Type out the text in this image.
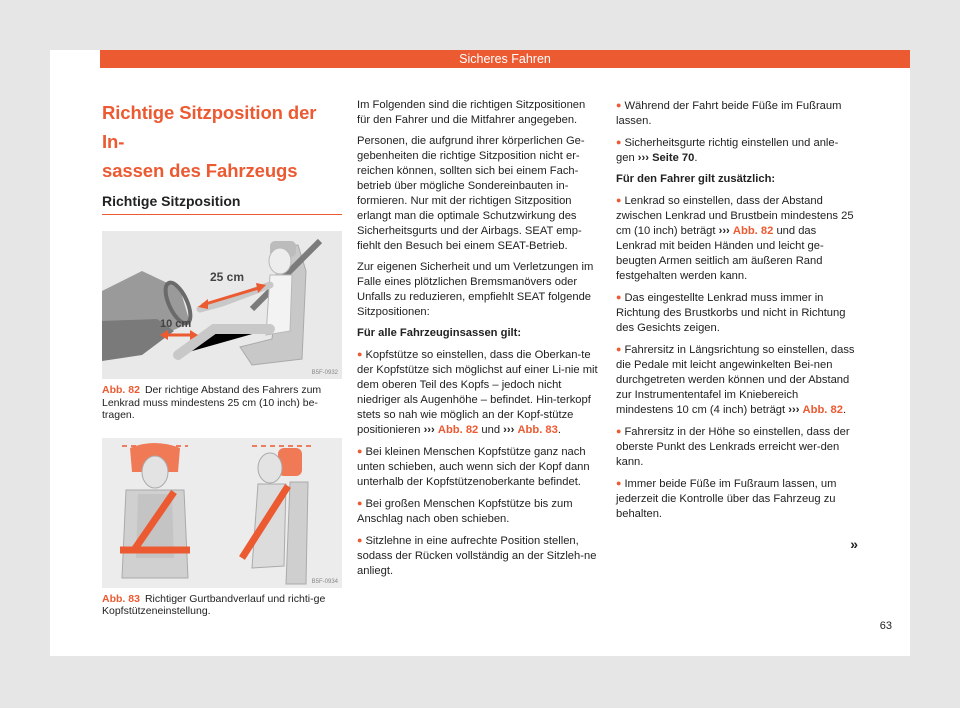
Sicheres Fahren
Richtige Sitzposition der In-
sassen des Fahrzeugs
Richtige Sitzposition
25 cm
10 cm
B5F-0932
Abb. 82 Der richtige Abstand des Fahrers zum Lenkrad muss mindestens 25 cm (10 inch) be-tragen.
B5F-0934
Abb. 83 Richtiger Gurtbandverlauf und richti-ge Kopfstützeneinstellung.

Im Folgenden sind die richtigen Sitzpositionen für den Fahrer und die Mitfahrer angegeben.

Personen, die aufgrund ihrer körperlichen Ge-gebenheiten die richtige Sitzposition nicht er-reichen können, sollten sich bei einem Fach-betrieb über mögliche Sondereinbauten in-formieren. Nur mit der richtigen Sitzposition erlangt man die optimale Schutzwirkung des Sicherheitsgurts und der Airbags. SEAT emp-fiehlt den Besuch bei einem SEAT-Betrieb.

Zur eigenen Sicherheit und um Verletzungen im Falle eines plötzlichen Bremsmanövers oder Unfalls zu reduzieren, empfiehlt SEAT folgende Sitzpositionen:

Für alle Fahrzeuginsassen gilt:

● Kopfstütze so einstellen, dass die Oberkan-te der Kopfstütze sich möglichst auf einer Li-nie mit dem oberen Teil des Kopfs – jedoch nicht niedriger als Augenhöhe – befindet. Hin-terkopf stets so nah wie möglich an der Kopf-stütze positionieren ››› Abb. 82 und ››› Abb. 83.

● Bei kleinen Menschen Kopfstütze ganz nach unten schieben, auch wenn sich der Kopf dann unterhalb der Kopfstützenoberkante befindet.

● Bei großen Menschen Kopfstütze bis zum Anschlag nach oben schieben.

● Sitzlehne in eine aufrechte Position stellen, sodass der Rücken vollständig an der Sitzleh-ne anliegt.

● Während der Fahrt beide Füße im Fußraum lassen.

● Sicherheitsgurte richtig einstellen und anle-gen ››› Seite 70.

Für den Fahrer gilt zusätzlich:

● Lenkrad so einstellen, dass der Abstand zwischen Lenkrad und Brustbein mindestens 25 cm (10 inch) beträgt ››› Abb. 82 und das Lenkrad mit beiden Händen und leicht ge-beugten Armen seitlich am äußeren Rand festgehalten werden kann.

● Das eingestellte Lenkrad muss immer in Richtung des Brustkorbs und nicht in Richtung des Gesichts zeigen.

● Fahrersitz in Längsrichtung so einstellen, dass die Pedale mit leicht angewinkelten Bei-nen durchgetreten werden können und der Abstand zur Instrumententafel im Kniebereich mindestens 10 cm (4 inch) beträgt ››› Abb. 82.

● Fahrersitz in der Höhe so einstellen, dass der oberste Punkt des Lenkrads erreicht wer-den kann.

● Immer beide Füße im Fußraum lassen, um jederzeit die Kontrolle über das Fahrzeug zu behalten.

»
63
